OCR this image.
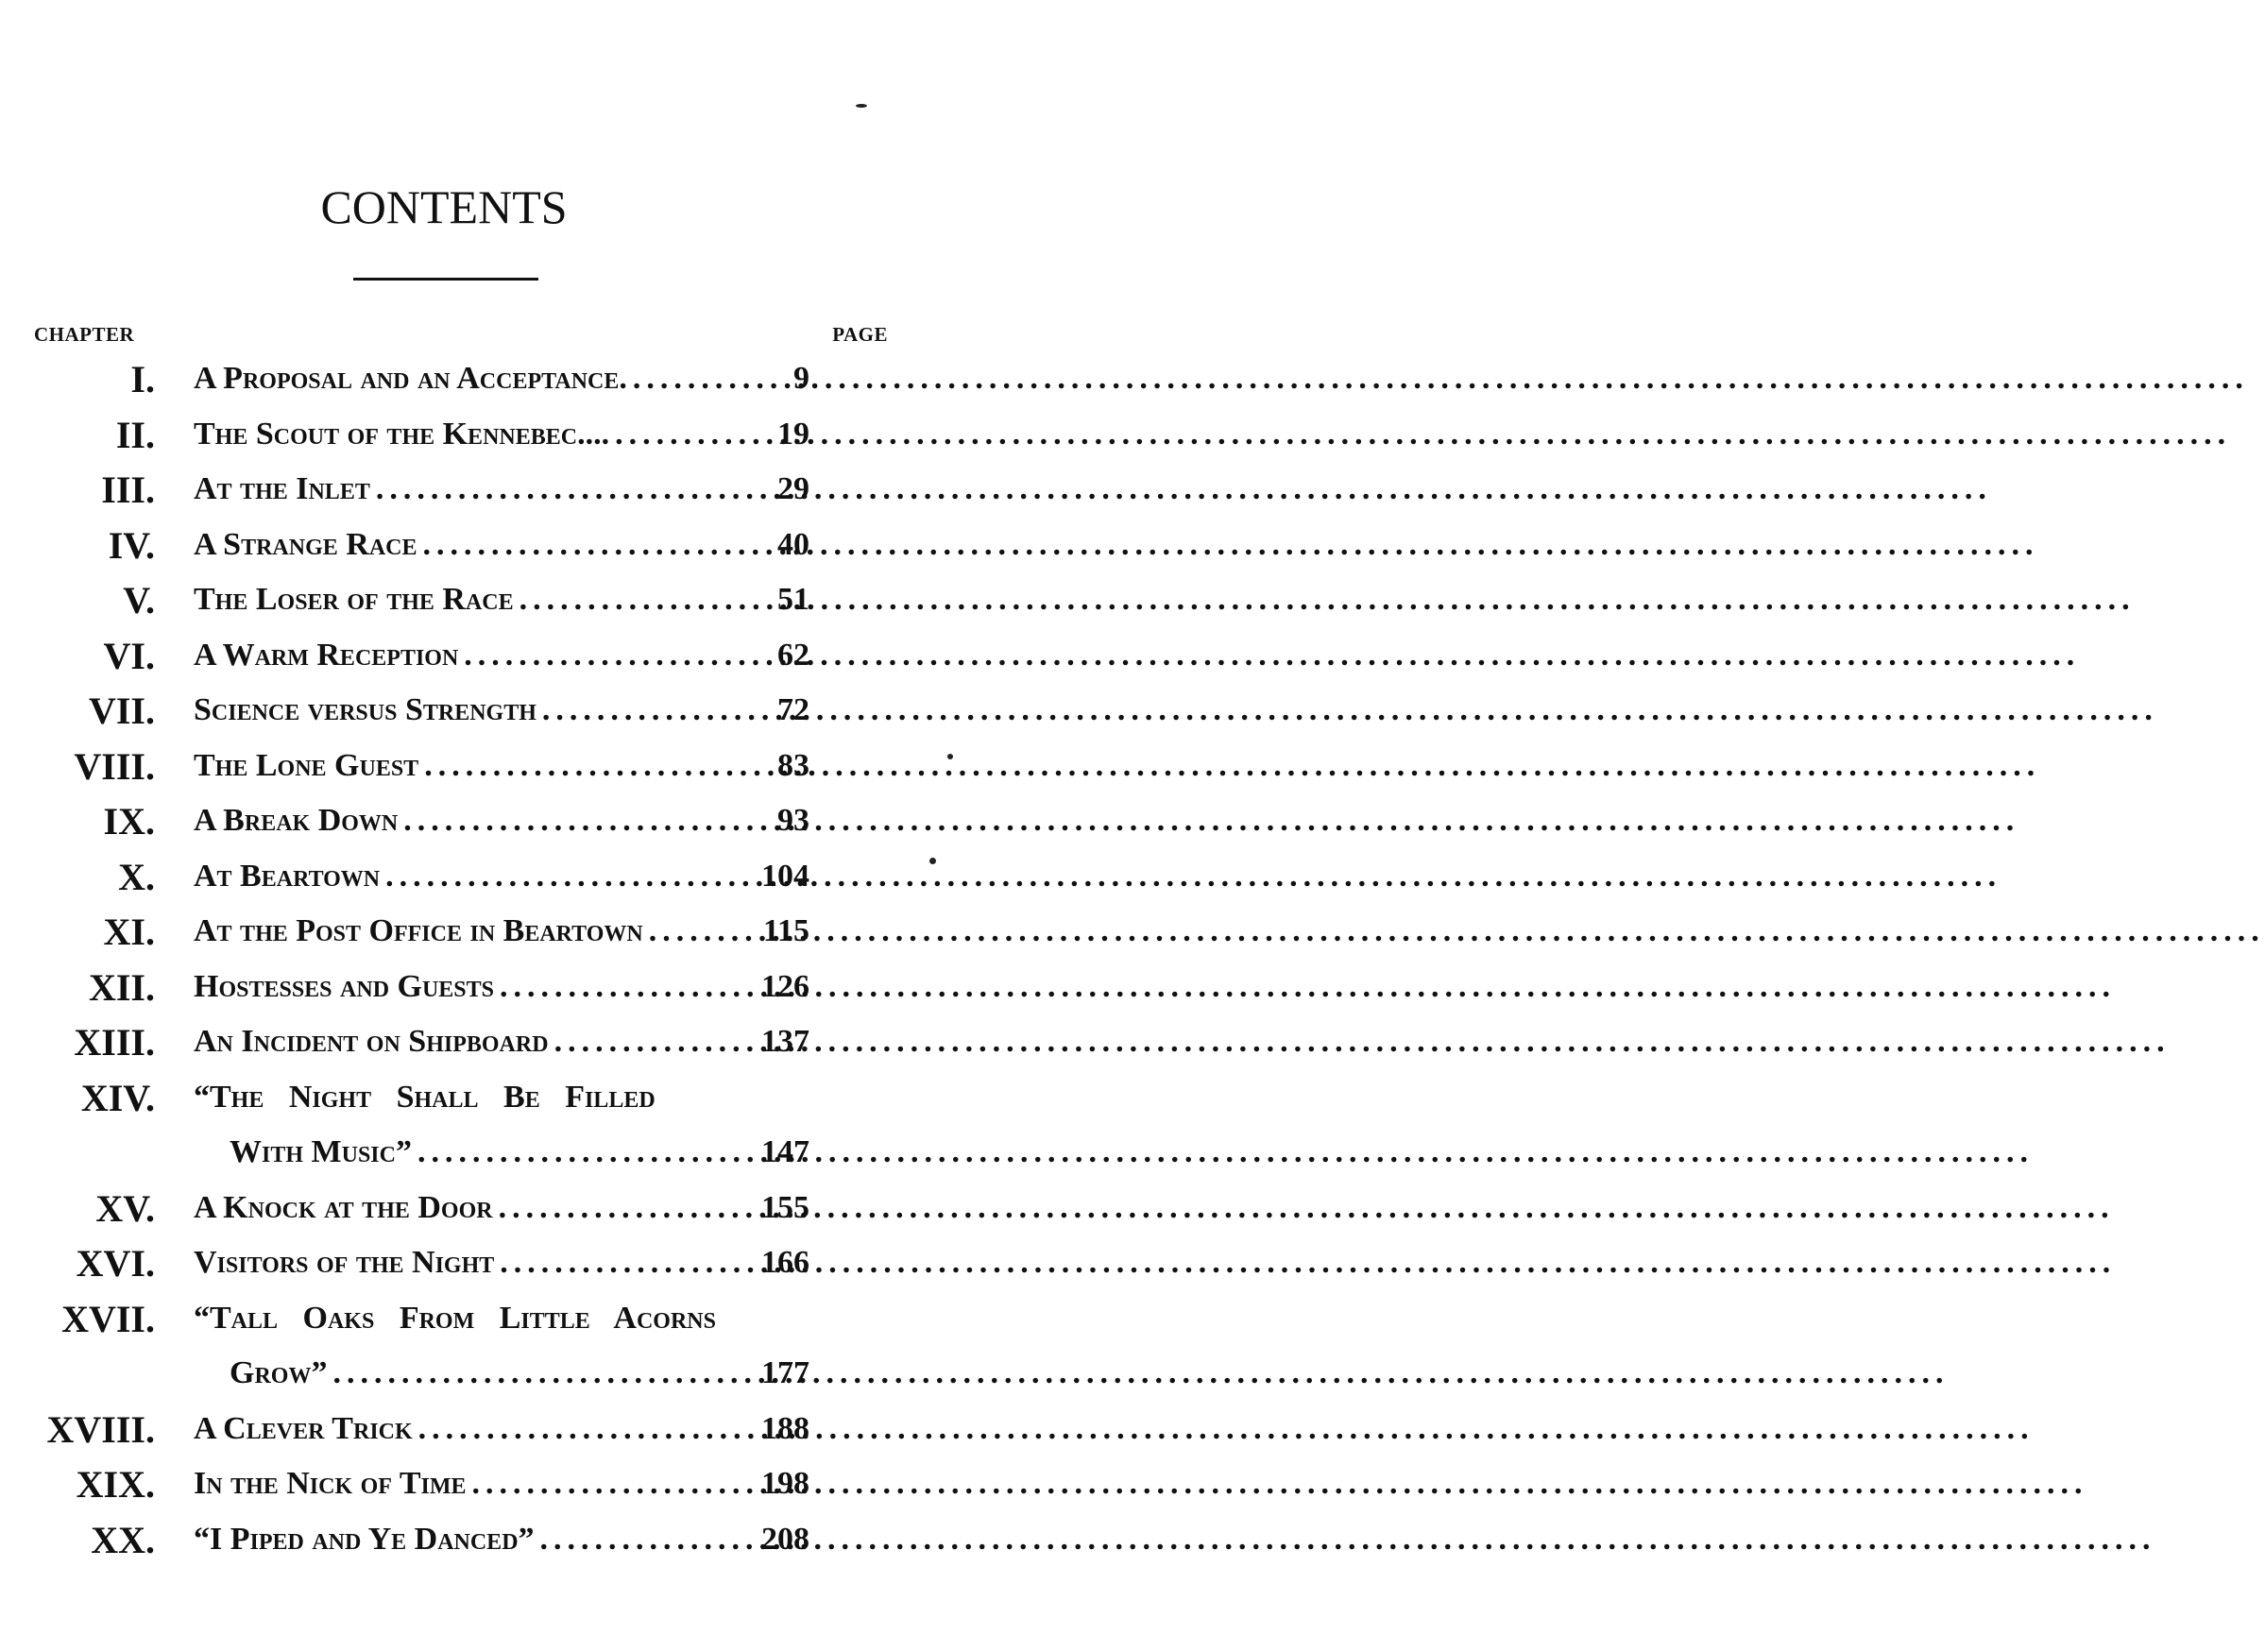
CONTENTS
CHAPTER	PAGE
I. A Proposal and an Acceptance. .....	9
II. The Scout of the Kennebec.... .....	19
III. At the Inlet .....	29
IV. A Strange Race .....	40
V. The Loser of the Race .....	51
VI. A Warm Reception .....	62
VII. Science versus Strength .....	72
VIII. The Lone Guest .....	83
IX. A Break Down .....	93
X. At Beartown .....	104
XI. At the Post Office in Beartown .....	115
XII. Hostesses and Guests .....	126
XIII. An Incident on Shipboard .....	137
XIV. “The Night Shall Be Filled
With Music” .....	147
XV. A Knock at the Door .....	155
XVI. Visitors of the Night .....	166
XVII. “Tall Oaks From Little Acorns
Grow” .....	177
XVIII. A Clever Trick .....	188
XIX. In the Nick of Time .....	198
XX. “I Piped and Ye Danced” .....	208
